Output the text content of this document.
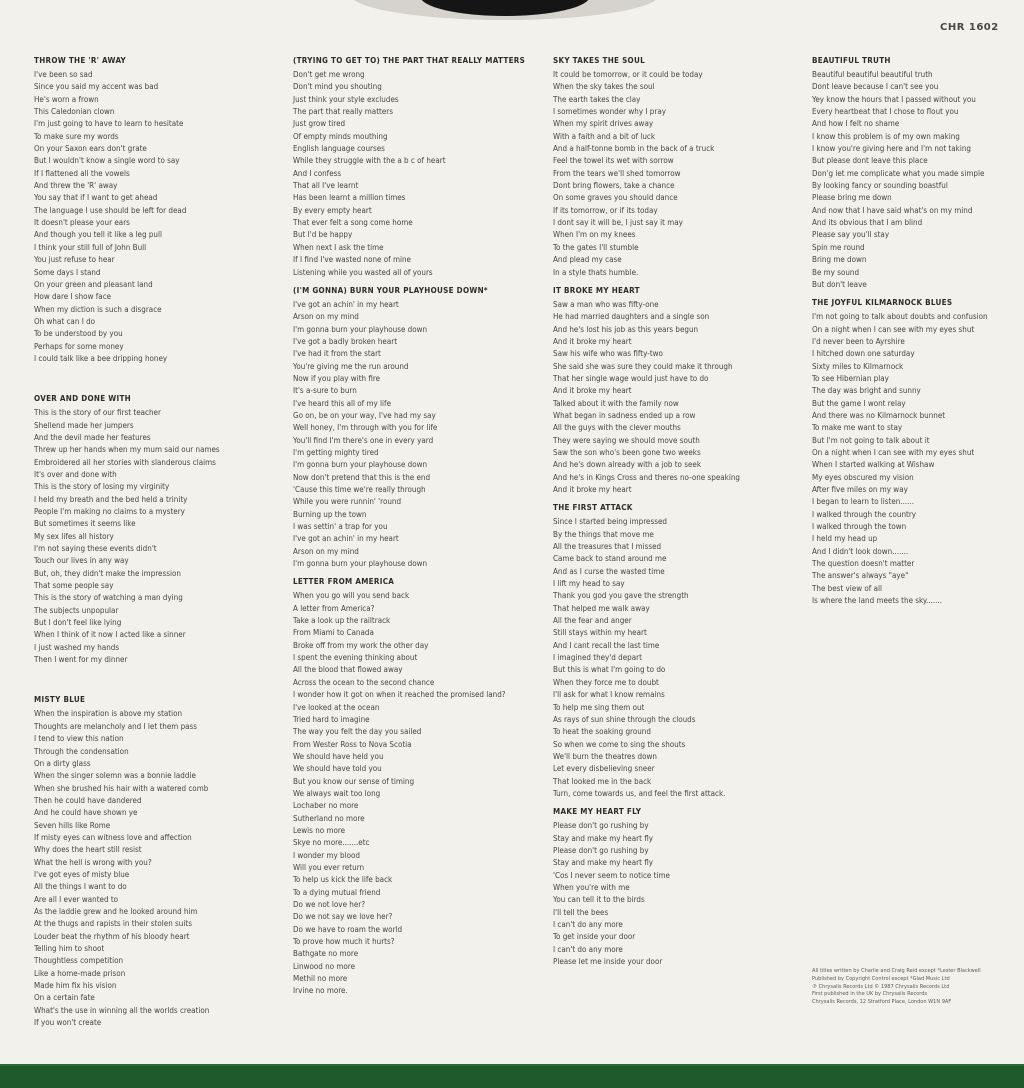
CHR 1602
THROW THE 'R' AWAY
I've been so sad
Since you said my accent was bad
He's worn a frown
This Caledonian clown
I'm just going to have to learn to hesitate
To make sure my words
On your Saxon ears don't grate
But I wouldn't know a single word to say
If I flattened all the vowels
And threw the 'R' away
You say that if I want to get ahead
The language I use should be left for dead
It doesn't please your ears
And though you tell it like a leg pull
I think your still full of John Bull
You just refuse to hear
Some days I stand
On your green and pleasant land
How dare I show face
When my diction is such a disgrace
Oh what can I do
To be understood by you
Perhaps for some money
I could talk like a bee dripping honey
OVER AND DONE WITH
This is the story of our first teacher
Shellend made her jumpers
And the devil made her features
Threw up her hands when my mum said our names
Embroidered all her stories with slanderous claims
It's over and done with
This is the story of losing my virginity
I held my breath and the bed held a trinity
People I'm making no claims to a mystery
But sometimes it seems like
My sex lifes all history
I'm not saying these events didn't
Touch our lives in any way
But, oh, they didn't make the impression
That some people say
This is the story of watching a man dying
The subjects unpopular
But I don't feel like lying
When I think of it now I acted like a sinner
I just washed my hands
Then I went for my dinner
MISTY BLUE
When the inspiration is above my station
Thoughts are melancholy and I let them pass
I tend to view this nation
Through the condensation
On a dirty glass
When the singer solemn was a bonnie laddie
When she brushed his hair with a watered comb
Then he could have dandered
And he could have shown ye
Seven hills like Rome
If misty eyes can witness love and affection
Why does the heart still resist
What the hell is wrong with you?
I've got eyes of misty blue
All the things I want to do
Are all I ever wanted to
As the laddie grew and he looked around him
At the thugs and rapists in their stolen suits
Louder beat the rhythm of his bloody heart
Telling him to shoot
Thoughtless competition
Like a home-made prison
Made him fix his vision
On a certain fate
What's the use in winning all the worlds creation
If you won't create
(TRYING TO GET TO) THE PART THAT REALLY MATTERS
Don't get me wrong
Don't mind you shouting
Just think your style excludes
The part that really matters
Just grow tired
Of empty minds mouthing
English language courses
While they struggle with the a b c of heart
And I confess
That all I've learnt
Has been learnt a million times
By every empty heart
That ever felt a song come home
But I'd be happy
When next I ask the time
If I find I've wasted none of mine
Listening while you wasted all of yours
(I'M GONNA) BURN YOUR PLAYHOUSE DOWN*
I've got an achin' in my heart
Arson on my mind
I'm gonna burn your playhouse down
I've got a badly broken heart
I've had it from the start
You're giving me the run around
Now if you play with fire
It's a-sure to burn
I've heard this all of my life
Go on, be on your way, I've had my say
Well honey, I'm through with you for life
You'll find I'm there's one in every yard
I'm getting mighty tired
I'm gonna burn your playhouse down
Now don't pretend that this is the end
'Cause this time we're really through
While you were runnin' 'round
Burning up the town
I was settin' a trap for you
I've got an achin' in my heart
Arson on my mind
I'm gonna burn your playhouse down
LETTER FROM AMERICA
When you go will you send back
A letter from America?
Take a look up the railtrack
From Miami to Canada
Broke off from my work the other day
I spent the evening thinking about
All the blood that flowed away
Across the ocean to the second chance
I wonder how it got on when it reached the promised land?
I've looked at the ocean
Tried hard to imagine
The way you felt the day you sailed
From Wester Ross to Nova Scotia
We should have held you
We should have told you
But you know our sense of timing
We always wait too long
Lochaber no more
Sutherland no more
Lewis no more
Skye no more.......etc
I wonder my blood
Will you ever return
To help us kick the life back
To a dying mutual friend
Do we not love her?
Do we not say we love her?
Do we have to roam the world
To prove how much it hurts?
Bathgate no more
Linwood no more
Methil no more
Irvine no more.
SKY TAKES THE SOUL
It could be tomorrow, or it could be today
When the sky takes the soul
The earth takes the clay
I sometimes wonder why I pray
When my spirit drives away
With a faith and a bit of luck
And a half-tonne bomb in the back of a truck
Feel the towel its wet with sorrow
From the tears we'll shed tomorrow
Dont bring flowers, take a chance
On some graves you should dance
If its tomorrow, or if its today
I dont say it will be, I just say it may
When I'm on my knees
To the gates I'll stumble
And plead my case
In a style thats humble.
IT BROKE MY HEART
Saw a man who was fifty-one
He had married daughters and a single son
And he's lost his job as this years begun
And it broke my heart
Saw his wife who was fifty-two
She said she was sure they could make it through
That her single wage would just have to do
And it broke my heart
Talked about it with the family now
What began in sadness ended up a row
All the guys with the clever mouths
They were saying we should move south
Saw the son who's been gone two weeks
And he's down already with a job to seek
And he's in Kings Cross and theres no-one speaking
And it broke my heart
THE FIRST ATTACK
Since I started being impressed
By the things that move me
All the treasures that I missed
Came back to stand around me
And as I curse the wasted time
I lift my head to say
Thank you god you gave the strength
That helped me walk away
All the fear and anger
Still stays within my heart
And I cant recall the last time
I imagined they'd depart
But this is what I'm going to do
When they force me to doubt
I'll ask for what I know remains
To help me sing them out
As rays of sun shine through the clouds
To heat the soaking ground
So when we come to sing the shouts
We'll burn the theatres down
Let every disbelieving sneer
That looked me in the back
Turn, come towards us, and feel the first attack.
MAKE MY HEART FLY
Please don't go rushing by
Stay and make my heart fly
Please don't go rushing by
Stay and make my heart fly
'Cos I never seem to notice time
When you're with me
You can tell it to the birds
I'll tell the bees
I can't do any more
To get inside your door
I can't do any more
Please let me inside your door
BEAUTIFUL TRUTH
Beautiful beautiful beautiful truth
Dont leave because I can't see you
Yey know the hours that I passed without you
Every heartbeat that I chose to flout you
And how I felt no shame
I know this problem is of my own making
I know you're giving here and I'm not taking
But please dont leave this place
Don'g let me complicate what you made simple
By looking fancy or sounding boastful
Please bring me down
And now that I have said what's on my mind
And its obvious that I am blind
Please say you'll stay
Spin me round
Bring me down
Be my sound
But don't leave
THE JOYFUL KILMARNOCK BLUES
I'm not going to talk about doubts and confusion
On a night when I can see with my eyes shut
I'd never been to Ayrshire
I hitched down one saturday
Sixty miles to Kilmarnock
To see Hibernian play
The day was bright and sunny
But the game I wont relay
And there was no Kilmarnock bunnet
To make me want to stay
But I'm not going to talk about it
On a night when I can see with my eyes shut
When I started walking at Wishaw
My eyes obscured my vision
After five miles on my way
I began to learn to listen......
I walked through the country
I walked through the town
I held my head up
And I didn't look down.......
The question doesn't matter
The answer's always "aye"
The best view of all
Is where the land meets the sky.......
All titles written by Charlie and Craig Reid except *Lester Blackwell
Published by Copyright Control except *Glad Music Ltd
℗ Chrysalis Records Ltd © 1987 Chrysalis Records Ltd
First published in the UK by Chrysalis Records
Chrysalis Records, 12 Stratford Place, London W1N 9AF
